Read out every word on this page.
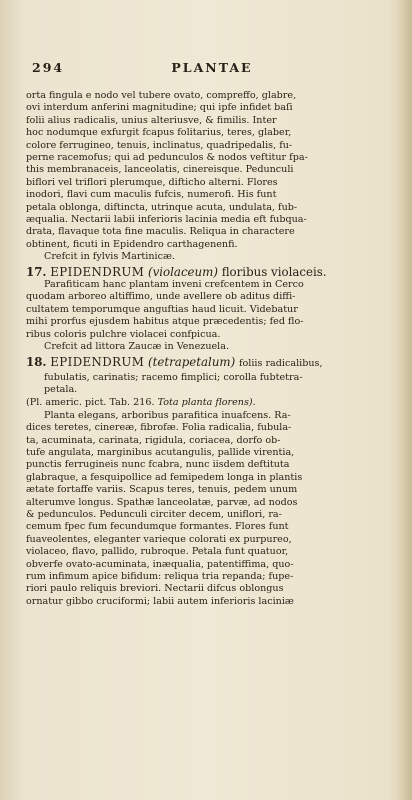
294	PLANTAE
orta fingula e nodo vel tubere ovato, compreffo, glabre,
ovi interdum anferini magnitudine; qui ipfe infidet baſi
folii alius radicalis, unius alteriusve, & fimilis. Inter
hoc nodumque exfurgit fcapus folitarius, teres, glaber,
colore ferrugineo, tenuis, inclinatus, quadripedalis, fu-
perne racemofus; qui ad pedunculos & nodos veftitur fpa-
this membranaceis, lanceolatis, cinereisque. Pedunculi
biflori vel triflori plerumque, difticho alterni. Flores
inodori, flavi cum maculis fufcis, numerofi. His funt
petala oblonga, diftincta, utrinque acuta, undulata, fub-
æqualia. Nectarii labii inferioris lacinia media eft fubqua-
drata, flavaque tota fine maculis. Reliqua in charactere
obtinent, ficuti in Epidendro carthagenenfi.
Crefcit in fylvis Martinicæ.
17. EPIDENDRUM (violaceum) floribus violaceis.
Parafiticam hanc plantam inveni crefcentem in Cerco
quodam arboreo altiffimo, unde avellere ob aditus diffi-
cultatem temporumque anguftias haud licuit. Videbatur
mihi prorfus ejusdem habitus atque præcedentis; fed flo-
ribus coloris pulchre violacei confpicua.
Crefcit ad littora Zaucæ in Venezuela.
18. EPIDENDRUM (tetrapetalum) foliis radicalibus,
fubulatis, carinatis; racemo fimplici; corolla fubtetra-
petala.
(Pl. americ. pict. Tab. 216. Tota planta florens).
Planta elegans, arboribus parafitica inuafcens. Ra-
dices teretes, cinereæ, fibrofæ. Folia radicalia, fubula-
ta, acuminata, carinata, rigidula, coriacea, dorfo ob-
tufe angulata, marginibus acutangulis, pallide virentia,
punctis ferrugineis nunc fcabra, nunc iisdem deftituta
glabraque, a fesquipollice ad femipedem longa in plantis
ætate fortaffe variis. Scapus teres, tenuis, pedem unum
alterumve longus. Spathæ lanceolatæ, parvæ, ad nodos
& pedunculos. Pedunculi circiter decem, uniflori, ra-
cemum fpec fum fecundumque formantes. Flores funt
fuaveolentes, eleganter varieque colorati ex purpureo,
violaceo, flavo, pallido, rubroque. Petala funt quatuor,
obverfe ovato-acuminata, inæqualia, patentiffima, quo-
rum infimum apice bifidum: reliqua tria repanda; fupe-
riori paulo reliquis breviori. Nectarii difcus oblongus
ornatur gibbo cruciformi; labii autem inferioris laciniæ
